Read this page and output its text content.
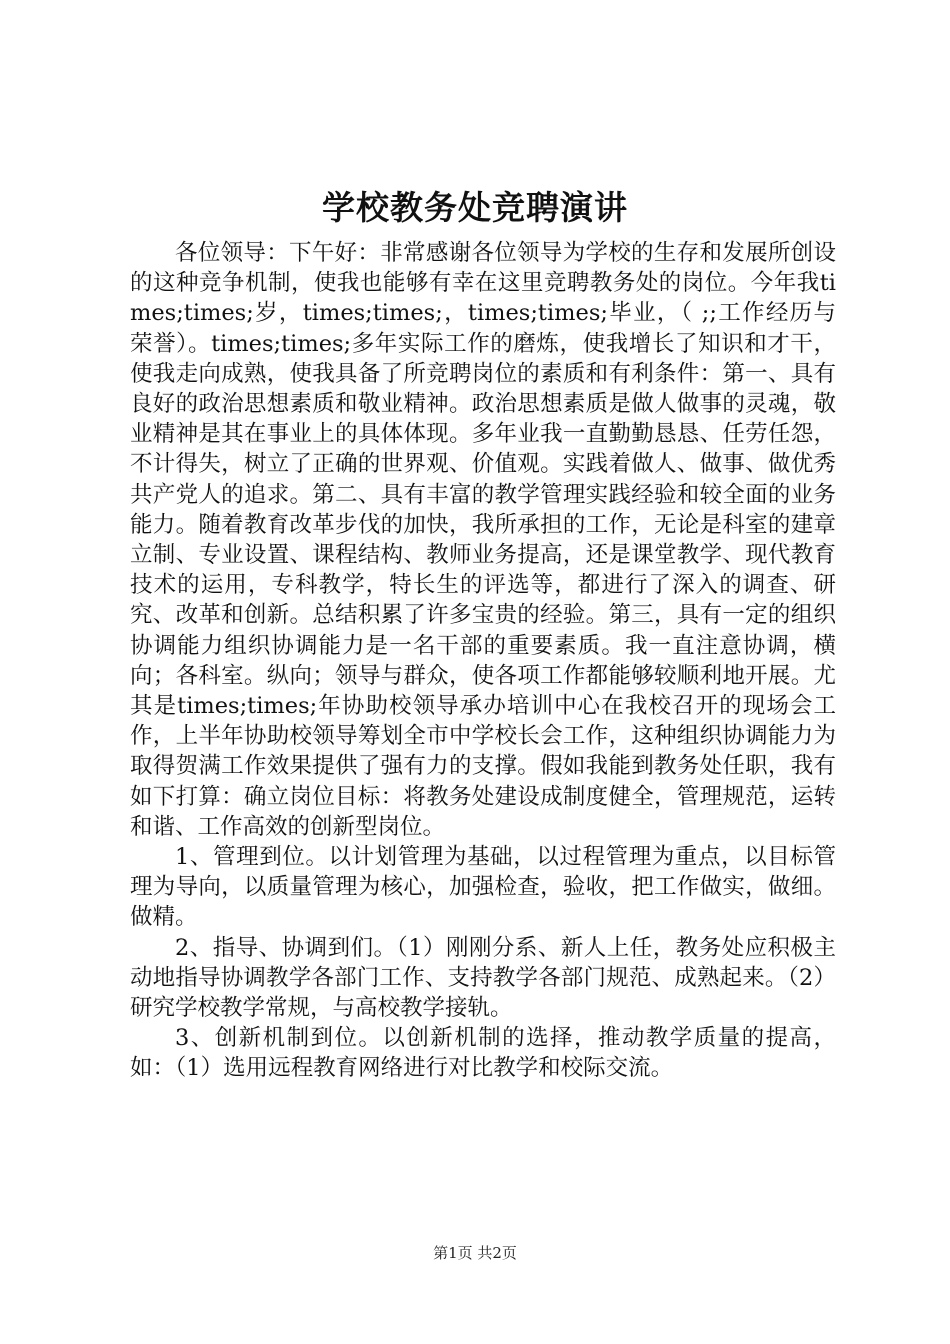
学校教务处竞聘演讲

各位领导：下午好：非常感谢各位领导为学校的生存和发展所创设的这种竞争机制，使我也能够有幸在这里竞聘教务处的岗位。今年我times;times;岁，times;times;，times;times;毕业，（ ;;工作经历与荣誉）。times;times;多年实际工作的磨炼，使我增长了知识和才干，使我走向成熟，使我具备了所竞聘岗位的素质和有利条件：第一、具有良好的政治思想素质和敬业精神。政治思想素质是做人做事的灵魂，敬业精神是其在事业上的具体体现。多年业我一直勤勤恳恳、任劳任怨，不计得失，树立了正确的世界观、价值观。实践着做人、做事、做优秀共产党人的追求。第二、具有丰富的教学管理实践经验和较全面的业务能力。随着教育改革步伐的加快，我所承担的工作，无论是科室的建章立制、专业设置、课程结构、教师业务提高，还是课堂教学、现代教育技术的运用，专科教学，特长生的评选等，都进行了深入的调查、研究、改革和创新。总结积累了许多宝贵的经验。第三，具有一定的组织协调能力组织协调能力是一名干部的重要素质。我一直注意协调，横向；各科室。纵向；领导与群众，使各项工作都能够较顺利地开展。尤其是times;times;年协助校领导承办培训中心在我校召开的现场会工作，上半年协助校领导筹划全市中学校长会工作，这种组织协调能力为取得贺满工作效果提供了强有力的支撑。假如我能到教务处任职，我有如下打算：确立岗位目标：将教务处建设成制度健全，管理规范，运转和谐、工作高效的创新型岗位。

1、管理到位。以计划管理为基础，以过程管理为重点，以目标管理为导向，以质量管理为核心，加强检查，验收，把工作做实，做细。做精。

2、指导、协调到们。（1）刚刚分系、新人上任，教务处应积极主动地指导协调教学各部门工作、支持教学各部门规范、成熟起来。（2）研究学校教学常规，与高校教学接轨。

3、创新机制到位。以创新机制的选择，推动教学质量的提高，如：（1）选用远程教育网络进行对比教学和校际交流。

第1页 共2页
